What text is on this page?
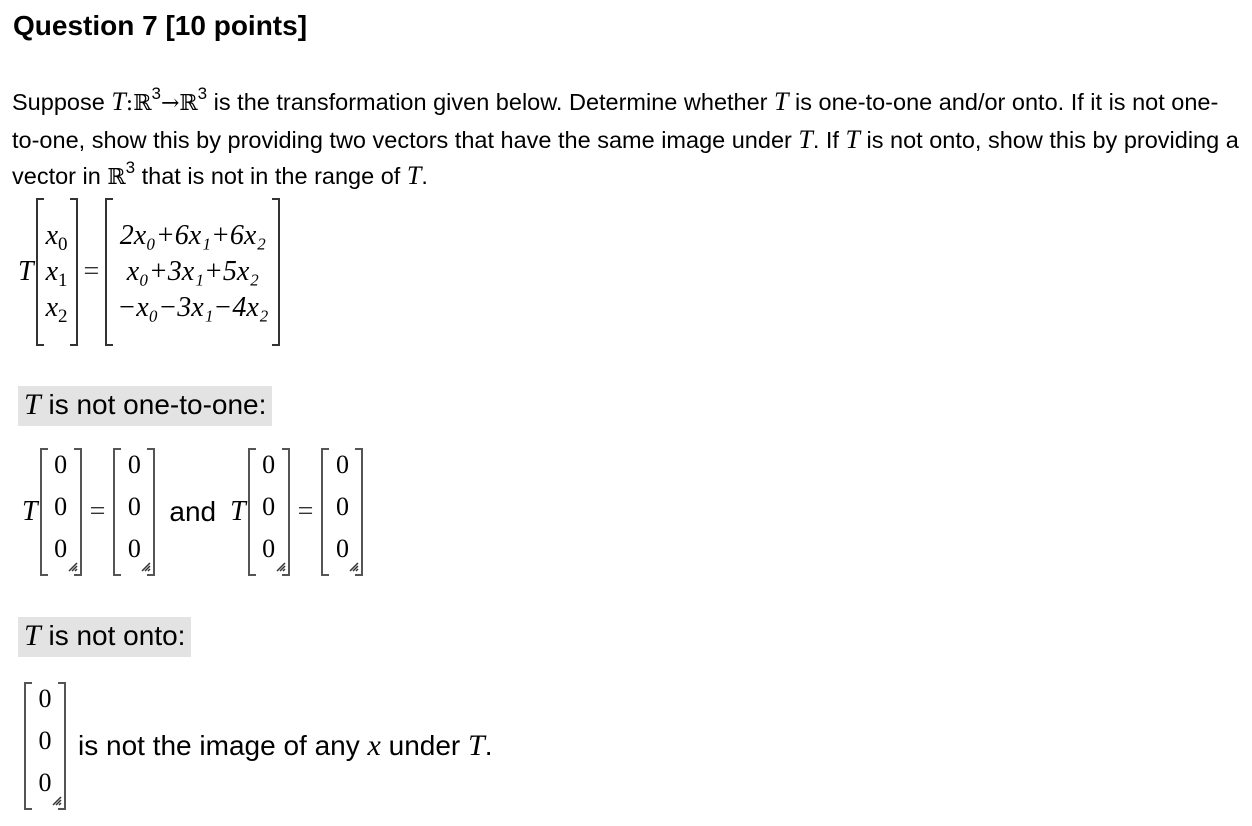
Question 7 [10 points]
Suppose T:ℝ$^3$→ℝ$^3$ is the transformation given below. Determine whether T is one-to-one and/or onto. If it is not one-to-one, show this by providing two vectors that have the same image under T. If T is not onto, show this by providing a vector in ℝ$^3$ that is not in the range of T.
T
$x_0$
$x_1$
$x_2$
=
2x₀+6x₁+6x₂
x₀+3x₁+5x₂
−x₀−3x₁−4x₂
T is not one-to-one:
T
0
0
0
=
0
0
0
and T
0
0
0
=
0
0
0
T is not onto:
0
0
0
is not the image of any x under T.
